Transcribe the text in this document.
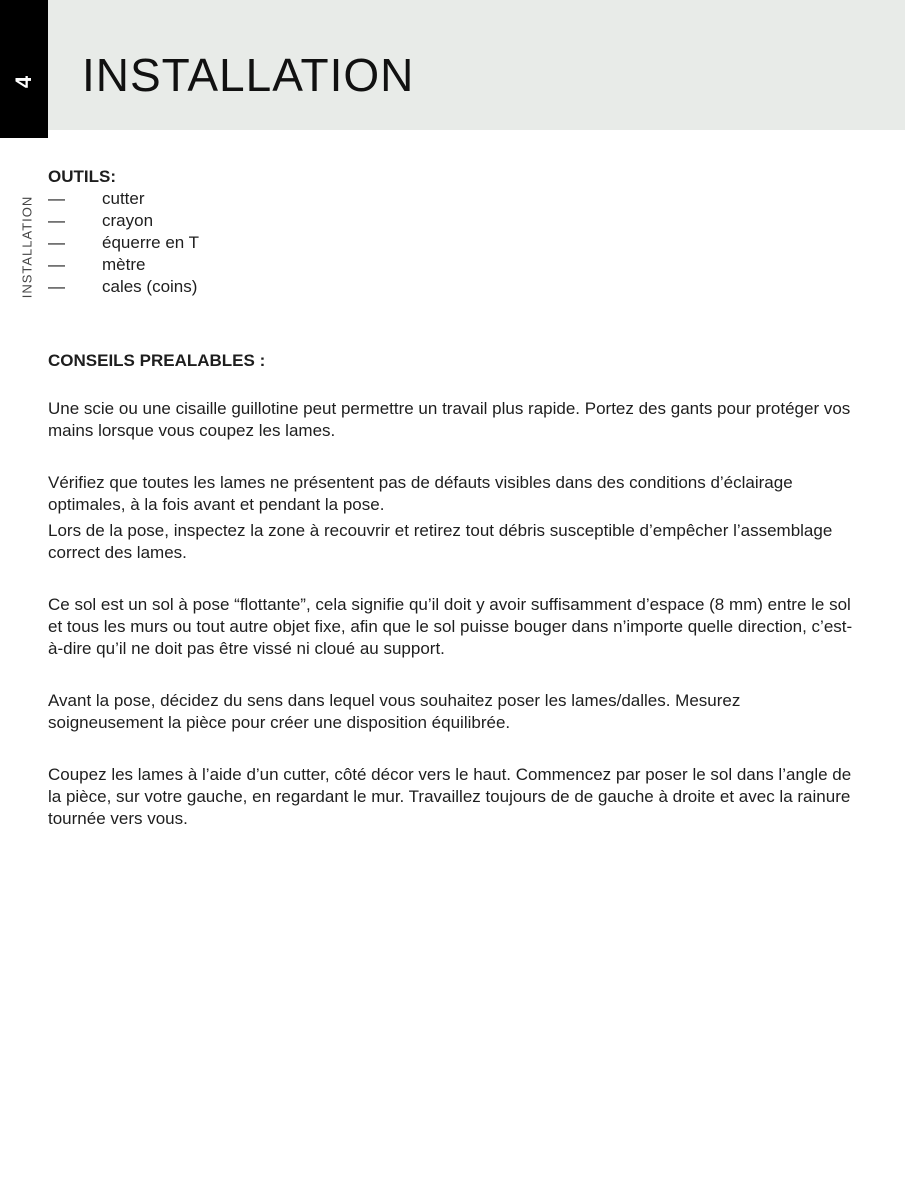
4 INSTALLATION
INSTALLATION
OUTILS:
—	cutter
—	crayon
—	équerre en T
—	mètre
—	cales (coins)
CONSEILS PREALABLES :

Une scie ou une cisaille guillotine peut permettre un travail plus rapide. Portez des gants pour protéger vos mains lorsque vous coupez les lames.

Vérifiez que toutes les lames ne présentent pas de défauts visibles dans des conditions d’éclairage optimales, à la fois avant et pendant la pose.

Lors de la pose, inspectez la zone à recouvrir et retirez tout débris susceptible d’empêcher l’assemblage correct des lames.

Ce sol est un sol à pose “flottante”, cela signifie qu’il doit y avoir suffisamment d’espace (8 mm) entre le sol et tous les murs ou tout autre objet fixe, afin que le sol puisse bouger dans n’importe quelle direction, c’est-à-dire qu’il ne doit pas être vissé ni cloué au support.

Avant la pose, décidez du sens dans lequel vous souhaitez poser les lames/dalles. Mesurez soigneusement la pièce pour créer une disposition équilibrée.

Coupez les lames à l’aide d’un cutter, côté décor vers le haut. Commencez par poser le sol dans l’angle de la pièce, sur votre gauche, en regardant le mur. Travaillez toujours de de gauche à droite et avec la rainure tournée vers vous.
